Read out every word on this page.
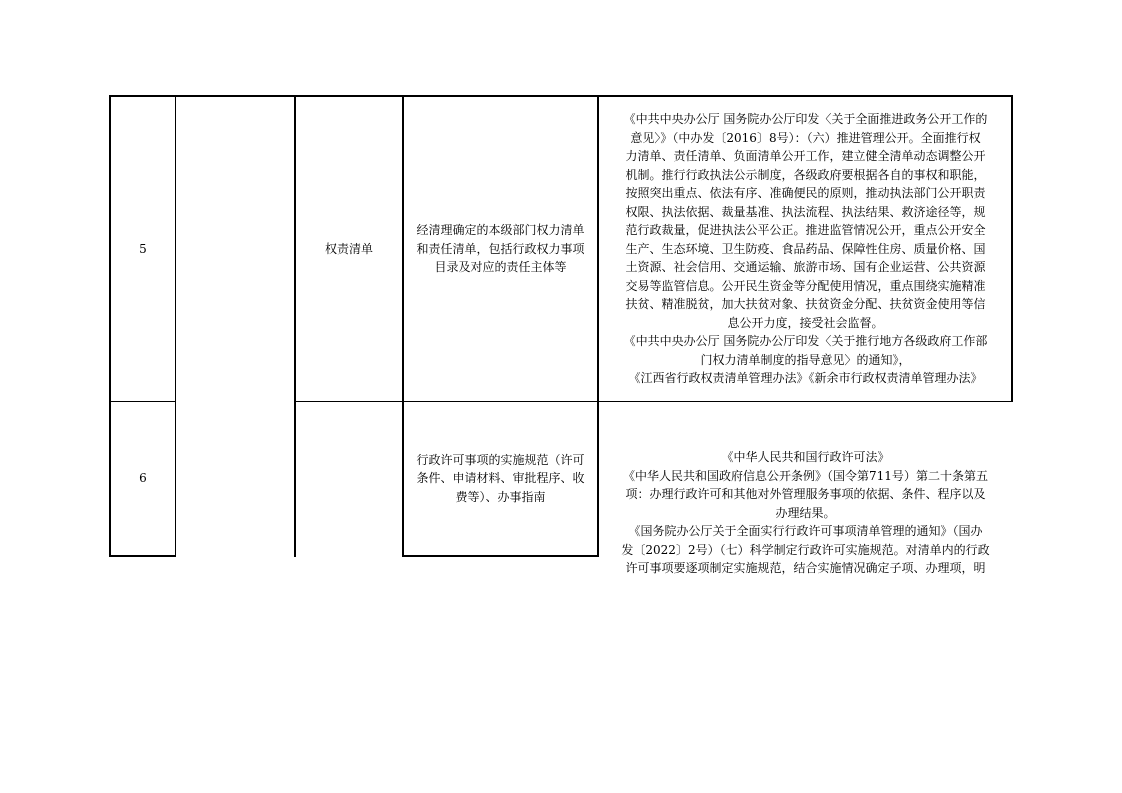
5	权责清单
经清理确定的本级部门权力清单
和责任清单，包括行政权力事项
目录及对应的责任主体等
《中共中央办公厅 国务院办公厅印发〈关于全面推进政务公开工作的
意见〉》（中办发〔2016〕8号）：（六）推进管理公开。全面推行权
力清单、责任清单、负面清单公开工作，建立健全清单动态调整公开
机制。推行行政执法公示制度，各级政府要根据各自的事权和职能，
按照突出重点、依法有序、准确便民的原则，推动执法部门公开职责
权限、执法依据、裁量基准、执法流程、执法结果、救济途径等，规
范行政裁量，促进执法公平公正。推进监管情况公开，重点公开安全
生产、生态环境、卫生防疫、食品药品、保障性住房、质量价格、国
土资源、社会信用、交通运输、旅游市场、国有企业运营、公共资源
交易等监管信息。公开民生资金等分配使用情况，重点围绕实施精准
扶贫、精准脱贫，加大扶贫对象、扶贫资金分配、扶贫资金使用等信
息公开力度，接受社会监督。
《中共中央办公厅 国务院办公厅印发〈关于推行地方各级政府工作部
门权力清单制度的指导意见〉的通知》，
《江西省行政权责清单管理办法》《新余市行政权责清单管理办法》
6
行政许可事项的实施规范（许可
条件、申请材料、审批程序、收
费等）、办事指南
《中华人民共和国行政许可法》
《中华人民共和国政府信息公开条例》（国令第711号）第二十条第五
项：办理行政许可和其他对外管理服务事项的依据、条件、程序以及
办理结果。
《国务院办公厅关于全面实行行政许可事项清单管理的通知》（国办
发〔2022〕2号）（七）科学制定行政许可实施规范。对清单内的行政
许可事项要逐项制定实施规范，结合实施情况确定子项、办理项，明
